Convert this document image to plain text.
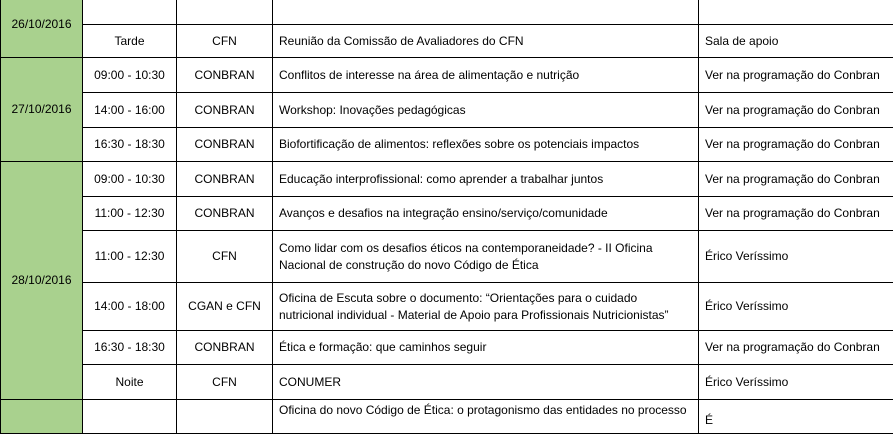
26/10/2016				
	Tarde	CFN	Reunião da Comissão de Avaliadores do CFN	Sala de apoio
27/10/2016	09:00 - 10:30	CONBRAN	Conflitos de interesse na área de alimentação e nutrição	Ver na programação do Conbran
	14:00 - 16:00	CONBRAN	Workshop: Inovações pedagógicas	Ver na programação do Conbran
	16:30 - 18:30	CONBRAN	Biofortificação de alimentos: reflexões sobre os potenciais impactos	Ver na programação do Conbran
28/10/2016	09:00 - 10:30	CONBRAN	Educação interprofissional: como aprender a trabalhar juntos	Ver na programação do Conbran
	11:00 - 12:30	CONBRAN	Avanços e desafios na integração ensino/serviço/comunidade	Ver na programação do Conbran
	11:00 - 12:30	CFN	Como lidar com os desafios éticos na contemporaneidade? - II Oficina Nacional de construção do novo Código de Ética	Érico Veríssimo
	14:00 - 18:00	CGAN e CFN	Oficina de Escuta sobre o documento: “Orientações para o cuidado nutricional individual - Material de Apoio para Profissionais Nutricionistas”	Érico Veríssimo
	16:30 - 18:30	CONBRAN	Ética e formação: que caminhos seguir	Ver na programação do Conbran
	Noite	CFN	CONUMER	Érico Veríssimo
			Oficina do novo Código de Ética: o protagonismo das entidades no processo	É
